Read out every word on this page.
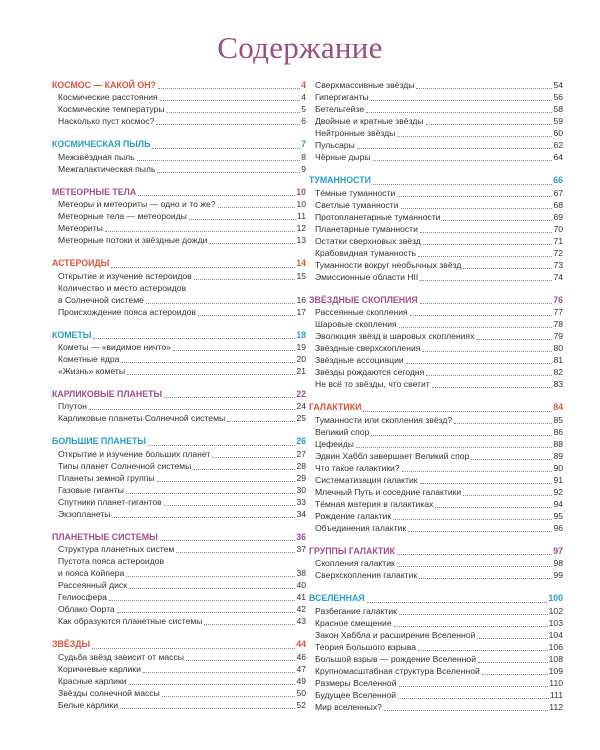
Содержание
КОСМОС — КАКОЙ ОН?	4
Космические расстояния	4
Космические температуры	5
Насколько пуст космос?	6
КОСМИЧЕСКАЯ ПЫЛЬ	7
Межзвёздная пыль	8
Межгалактическая пыль	9
МЕТЕОРНЫЕ ТЕЛА	10
Метеоры и метеориты — одно и то же?	10
Метеорные тела — метеороиды	11
Метеориты	12
Метеорные потоки и звёздные дожди	13
АСТЕРОИДЫ	14
Открытие и изучение астероидов	15
Количество и место астероидов
в Солнечной системе	16
Происхождение пояса астероидов	17
КОМЕТЫ	18
Кометы — «видимое ничто»	19
Кометные ядра	20
«Жизнь» кометы	21
КАРЛИКОВЫЕ ПЛАНЕТЫ	22
Плутон	24
Карликовые планеты Солнечной системы	25
БОЛЬШИЕ ПЛАНЕТЫ	26
Открытие и изучение больших планет	27
Типы планет Солнечной системы	28
Планеты земной группы	29
Газовые гиганты	30
Спутники планет-гигантов	33
Экзопланеты	34
ПЛАНЕТНЫЕ СИСТЕМЫ	36
Структура планетных систем	37
Пустота пояса астероидов
и пояса Койпера	38
Рассеянный диск	40
Гелиосфера	41
Облако Оорта	42
Как образуются планетные системы	43
ЗВЁЗДЫ	44
Судьба звёзд зависит от массы	46
Коричневые карлики	47
Красные карлики	49
Звёзды солнечной массы	50
Белые карлики	52
Сверхмассивные звёзды	54
Гипергиганты	56
Бетельгейзе	58
Двойные и кратные звёзды	59
Нейтронные звёзды	60
Пульсары	62
Чёрные дыры	64
ТУМАННОСТИ	66
Тёмные туманности	67
Светлые туманности	68
Протопланетарные туманности	69
Планетарные туманности	70
Остатки сверхновых звёзд	71
Крабовидная туманность	72
Туманности вокруг необычных звёзд	73
Эмиссионные области HII	74
ЗВЁЗДНЫЕ СКОПЛЕНИЯ	76
Рассеянные скопления	77
Шаровые скопления	78
Эволюция звёзд в шаровых скоплениях	79
Звёздные сверхскопления	80
Звёздные ассоциации	81
Звёзды рождаются сегодня	82
Не всё то звёзды, что светит	83
ГАЛАКТИКИ	84
Туманности или скопления звёзд?	85
Великий спор	86
Цефеиды	88
Эдвин Хаббл завершает Великий спор	89
Что такое галактики?	90
Систематизация галактик	91
Млечный Путь и соседние галактики	92
Тёмная материя в галактиках	94
Рождение галактик	95
Объединения галактик	96
ГРУППЫ ГАЛАКТИК	97
Скопления галактик	98
Сверхскопления галактик	99
ВСЕЛЕННАЯ	100
Разбегание галактик	102
Красное смещение	103
Закон Хаббла и расширение Вселенной	104
Теория Большого взрыва	106
Большой взрыв — рождение Вселенной	108
Крупномасштабная структура Вселенной	109
Размеры Вселенной	110
Будущее Вселенной	111
Мир вселенных?	112
